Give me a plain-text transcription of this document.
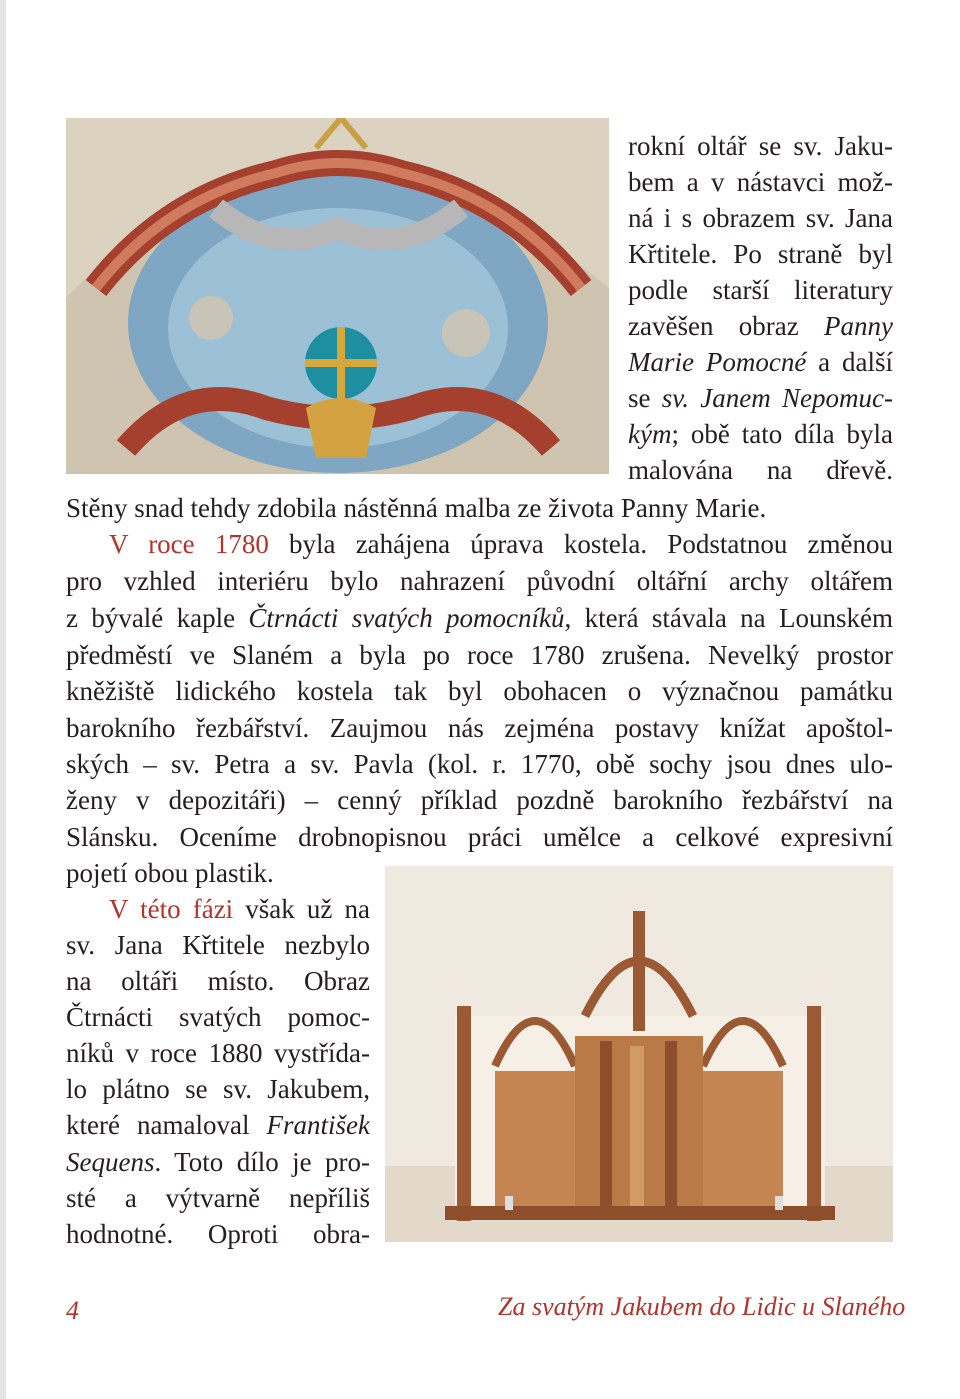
rokní oltář se sv. Jaku-
bem a v nástavci mož-
ná i s obrazem sv. Jana
Křtitele. Po straně byl
podle starší literatury
zavěšen obraz Panny
Marie Pomocné a další
se sv. Janem Nepomuc-
kým; obě tato díla byla
malována na dřevě.
Stěny snad tehdy zdobila nástěnná malba ze života Panny Marie.
V roce 1780 byla zahájena úprava kostela. Podstatnou změnou
pro vzhled interiéru bylo nahrazení původní oltářní archy oltářem
z bývalé kaple Čtrnácti svatých pomocníků, která stávala na Lounském
předměstí ve Slaném a byla po roce 1780 zrušena. Nevelký prostor
kněžiště lidického kostela tak byl obohacen o význačnou památku
barokního řezbářství. Zaujmou nás zejména postavy knížat apoštol-
ských – sv. Petra a sv. Pavla (kol. r. 1770, obě sochy jsou dnes ulo-
ženy v depozitáři) – cenný příklad pozdně barokního řezbářství na
Slánsku. Oceníme drobnopisnou práci umělce a celkové expresivní
pojetí obou plastik.
V této fázi však už na
sv. Jana Křtitele nezbylo
na oltáři místo. Obraz
Čtrnácti svatých pomoc-
níků v roce 1880 vystřída-
lo plátno se sv. Jakubem,
které namaloval František
Sequens. Toto dílo je pro-
sté a výtvarně nepříliš
hodnotné. Oproti obra-
4	Za svatým Jakubem do Lidic u Slaného
